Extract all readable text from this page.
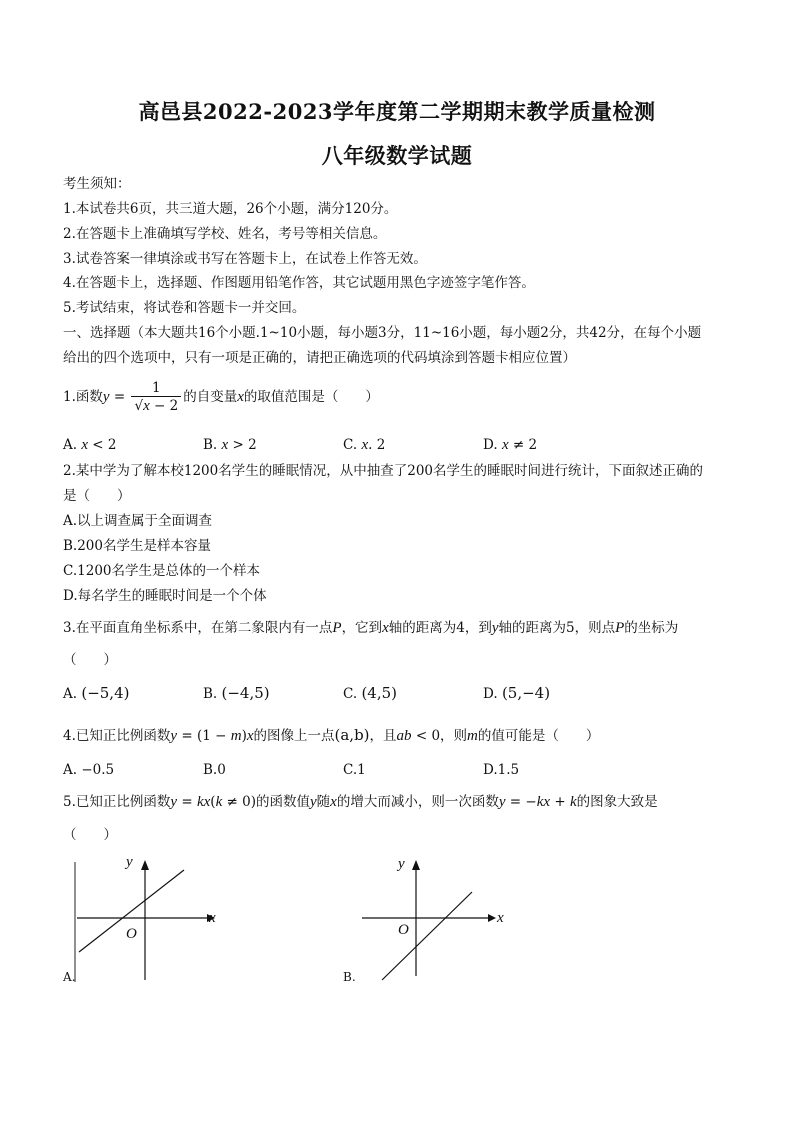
高邑县2022-2023学年度第二学期期末教学质量检测
八年级数学试题
考生须知：
1.本试卷共6页，共三道大题，26个小题，满分120分。
2.在答题卡上准确填写学校、姓名，考号等相关信息。
3.试卷答案一律填涂或书写在答题卡上，在试卷上作答无效。
4.在答题卡上，选择题、作图题用铅笔作答，其它试题用黑色字迹签字笔作答。
5.考试结束，将试卷和答题卡一并交回。
一、选择题（本大题共16个小题.1~10小题，每小题3分，11~16小题，每小题2分，共42分，在每个小题
给出的四个选项中，只有一项是正确的，请把正确选项的代码填涂到答题卡相应位置）
1.函数$y = \frac{1}{√x - 2}$ 的自变量x的取值范围是（　　）
A. x < 2	B. x > 2	C. x. 2	D. x ≠ 2
2.某中学为了解本校1200名学生的睡眠情况，从中抽查了200名学生的睡眠时间进行统计，下面叙述正确的
是（　　）
A.以上调查属于全面调查
B.200名学生是样本容量
C.1200名学生是总体的一个样本
D.每名学生的睡眠时间是一个个体
3.在平面直角坐标系中，在第二象限内有一点P，它到x轴的距离为4，到y轴的距离为5，则点P的坐标为
（　　）
A. (−5,4)	B. (−4,5)	C. (4,5)	D. (5,−4)
4.已知正比例函数y = (1 − m)x的图像上一点(a,b)，且ab < 0，则m的值可能是（　　）
A. −0.5	B.0	C.1	D.1.5
5.已知正比例函数y = kx(k ≠ 0)的函数值y随x的增大而减小，则一次函数y = −kx + k的图象大致是
（　　）
y
x
O
A.
y
x
O
B.
